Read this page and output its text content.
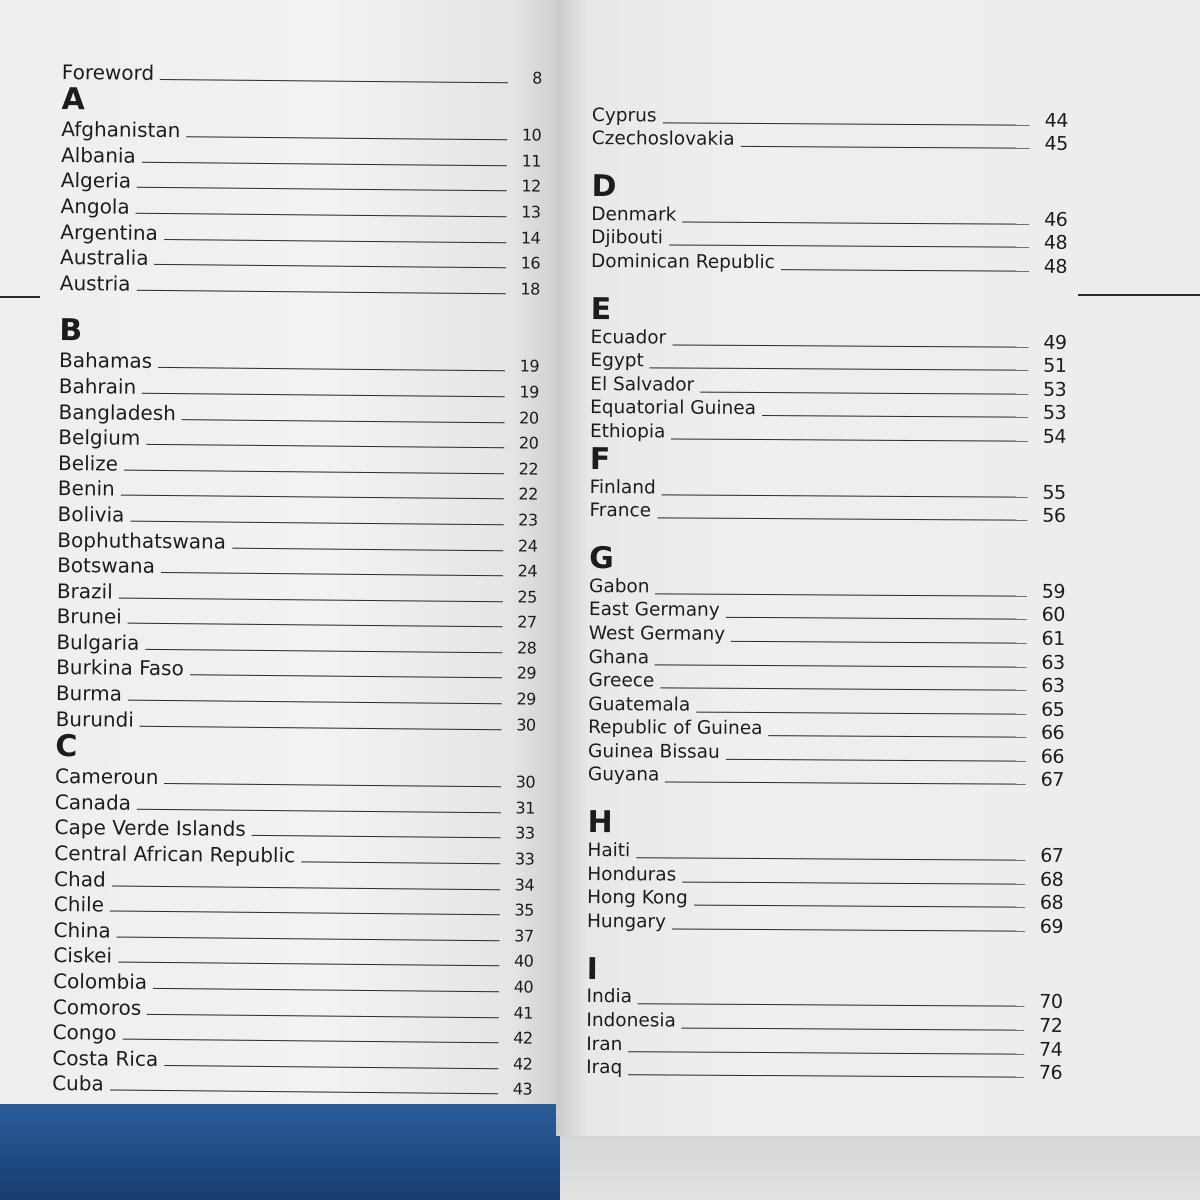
Foreword	8
A
Afghanistan	10
Albania	11
Algeria	12
Angola	13
Argentina	14
Australia	16
Austria	18
B
Bahamas	19
Bahrain	19
Bangladesh	20
Belgium	20
Belize	22
Benin	22
Bolivia	23
Bophuthatswana	24
Botswana	24
Brazil	25
Brunei	27
Bulgaria	28
Burkina Faso	29
Burma	29
Burundi	30
C
Cameroun	30
Canada	31
Cape Verde Islands	33
Central African Republic	33
Chad	34
Chile	35
China	37
Ciskei	40
Colombia	40
Comoros	41
Congo	42
Costa Rica	42
Cuba	43
Cyprus	44
Czechoslovakia	45
D
Denmark	46
Djibouti	48
Dominican Republic	48
E
Ecuador	49
Egypt	51
El Salvador	53
Equatorial Guinea	53
Ethiopia	54
F
Finland	55
France	56
G
Gabon	59
East Germany	60
West Germany	61
Ghana	63
Greece	63
Guatemala	65
Republic of Guinea	66
Guinea Bissau	66
Guyana	67
H
Haiti	67
Honduras	68
Hong Kong	68
Hungary	69
I
India	70
Indonesia	72
Iran	74
Iraq	76
